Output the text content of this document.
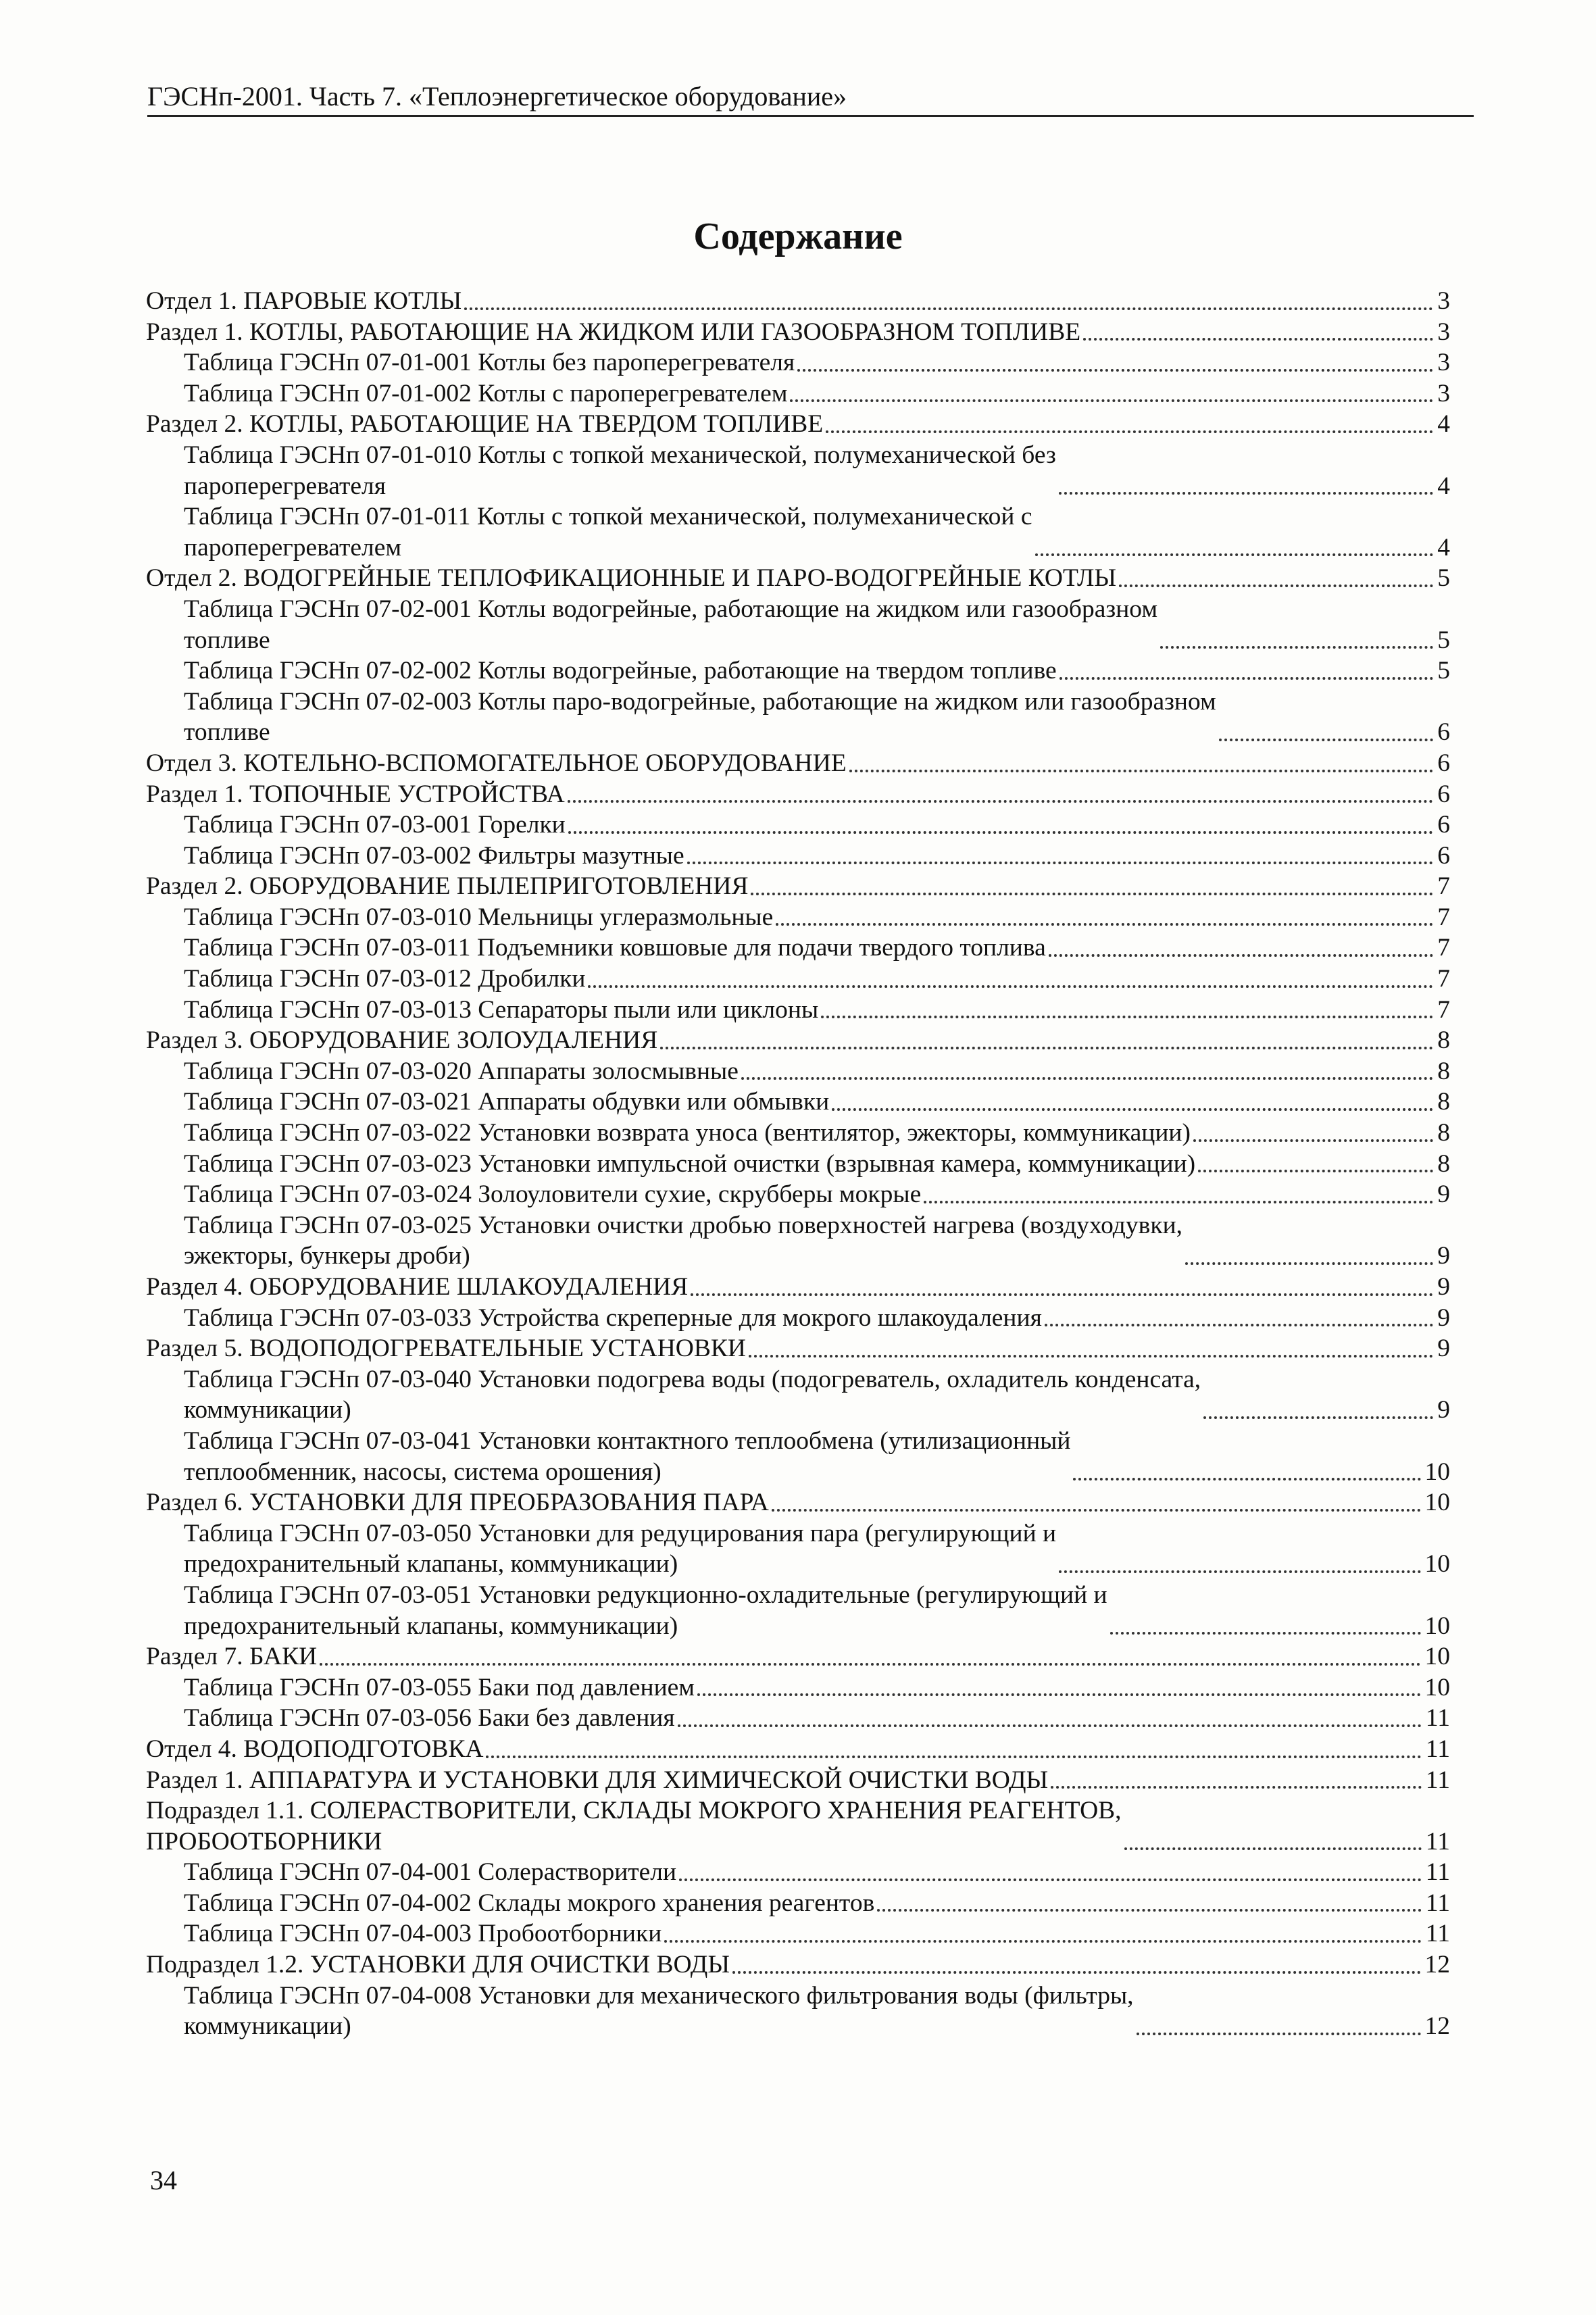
ГЭСНп-2001. Часть 7. «Теплоэнергетическое оборудование»
Содержание
Отдел 1. ПАРОВЫЕ КОТЛЫ	3
Раздел 1. КОТЛЫ, РАБОТАЮЩИЕ НА ЖИДКОМ ИЛИ ГАЗООБРАЗНОМ ТОПЛИВЕ	3
Таблица ГЭСНп 07-01-001 Котлы без пароперегревателя	3
Таблица ГЭСНп 07-01-002 Котлы с пароперегревателем	3
Раздел 2. КОТЛЫ, РАБОТАЮЩИЕ НА ТВЕРДОМ ТОПЛИВЕ	4
Таблица ГЭСНп 07-01-010 Котлы с топкой механической, полумеханической без
пароперегревателя	4
Таблица ГЭСНп 07-01-011 Котлы с топкой механической, полумеханической с
пароперегревателем	4
Отдел 2. ВОДОГРЕЙНЫЕ ТЕПЛОФИКАЦИОННЫЕ И ПАРО-ВОДОГРЕЙНЫЕ КОТЛЫ	5
Таблица ГЭСНп 07-02-001 Котлы водогрейные, работающие на жидком или газообразном
топливе	5
Таблица ГЭСНп 07-02-002 Котлы водогрейные, работающие на твердом топливе	5
Таблица ГЭСНп 07-02-003 Котлы паро-водогрейные, работающие на жидком или газообразном
топливе	6
Отдел 3. КОТЕЛЬНО-ВСПОМОГАТЕЛЬНОЕ ОБОРУДОВАНИЕ	6
Раздел 1. ТОПОЧНЫЕ УСТРОЙСТВА	6
Таблица ГЭСНп 07-03-001 Горелки	6
Таблица ГЭСНп 07-03-002 Фильтры мазутные	6
Раздел 2. ОБОРУДОВАНИЕ ПЫЛЕПРИГОТОВЛЕНИЯ	7
Таблица ГЭСНп 07-03-010 Мельницы углеразмольные	7
Таблица ГЭСНп 07-03-011 Подъемники ковшовые для подачи твердого топлива	7
Таблица ГЭСНп 07-03-012 Дробилки	7
Таблица ГЭСНп 07-03-013 Сепараторы пыли или циклоны	7
Раздел 3. ОБОРУДОВАНИЕ ЗОЛОУДАЛЕНИЯ	8
Таблица ГЭСНп 07-03-020 Аппараты золосмывные	8
Таблица ГЭСНп 07-03-021 Аппараты обдувки или обмывки	8
Таблица ГЭСНп 07-03-022 Установки возврата уноса (вентилятор, эжекторы, коммуникации)	8
Таблица ГЭСНп 07-03-023 Установки импульсной очистки (взрывная камера, коммуникации)	8
Таблица ГЭСНп 07-03-024 Золоуловители сухие, скрубберы мокрые	9
Таблица ГЭСНп 07-03-025 Установки очистки дробью поверхностей нагрева (воздуходувки,
эжекторы, бункеры дроби)	9
Раздел 4. ОБОРУДОВАНИЕ ШЛАКОУДАЛЕНИЯ	9
Таблица ГЭСНп 07-03-033 Устройства скреперные для мокрого шлакоудаления	9
Раздел 5. ВОДОПОДОГРЕВАТЕЛЬНЫЕ УСТАНОВКИ	9
Таблица ГЭСНп 07-03-040 Установки подогрева воды (подогреватель, охладитель конденсата,
коммуникации)	9
Таблица ГЭСНп 07-03-041 Установки контактного теплообмена (утилизационный
теплообменник, насосы, система орошения)	10
Раздел 6. УСТАНОВКИ ДЛЯ ПРЕОБРАЗОВАНИЯ ПАРА	10
Таблица ГЭСНп 07-03-050 Установки для редуцирования пара (регулирующий и
предохранительный клапаны, коммуникации)	10
Таблица ГЭСНп 07-03-051 Установки редукционно-охладительные (регулирующий и
предохранительный клапаны, коммуникации)	10
Раздел 7. БАКИ	10
Таблица ГЭСНп 07-03-055 Баки под давлением	10
Таблица ГЭСНп 07-03-056 Баки без давления	11
Отдел 4. ВОДОПОДГОТОВКА	11
Раздел 1. АППАРАТУРА И УСТАНОВКИ ДЛЯ ХИМИЧЕСКОЙ ОЧИСТКИ ВОДЫ	11
Подраздел 1.1. СОЛЕРАСТВОРИТЕЛИ, СКЛАДЫ МОКРОГО ХРАНЕНИЯ РЕАГЕНТОВ,
ПРОБООТБОРНИКИ	11
Таблица ГЭСНп 07-04-001 Солерастворители	11
Таблица ГЭСНп 07-04-002 Склады мокрого хранения реагентов	11
Таблица ГЭСНп 07-04-003 Пробоотборники	11
Подраздел 1.2. УСТАНОВКИ ДЛЯ ОЧИСТКИ ВОДЫ	12
Таблица ГЭСНп 07-04-008 Установки для механического фильтрования воды (фильтры,
коммуникации)	12
34
